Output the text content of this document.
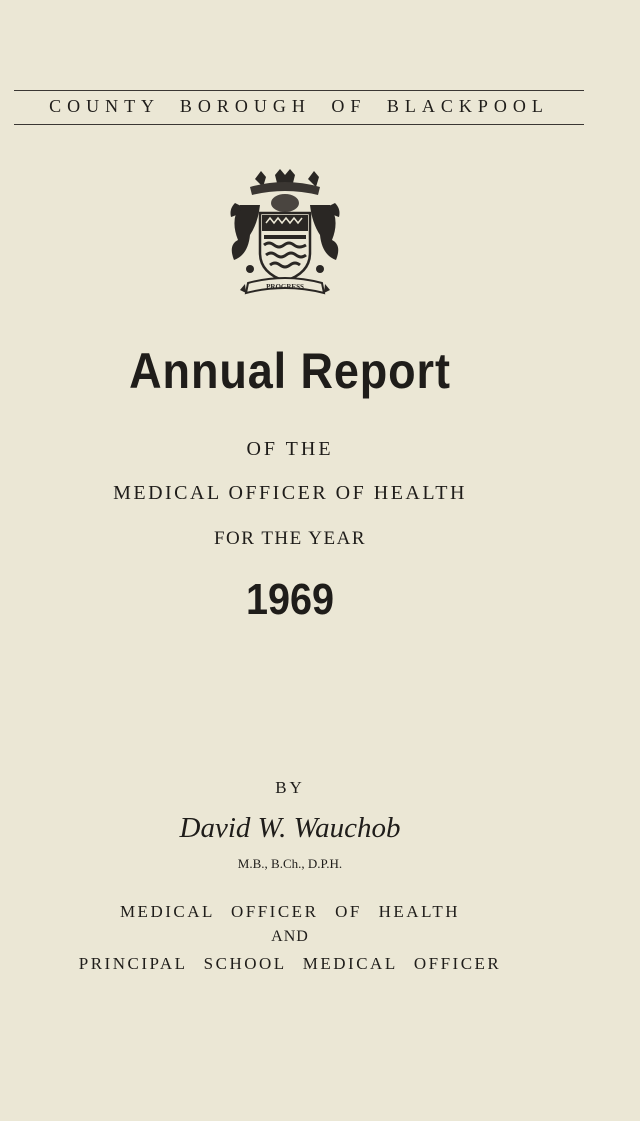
COUNTY BOROUGH OF BLACKPOOL
PROGRESS
Annual Report
OF THE
MEDICAL OFFICER OF HEALTH
FOR THE YEAR
1969
BY
David W. Wauchob
M.B., B.Ch., D.P.H.
MEDICAL OFFICER OF HEALTH
AND
PRINCIPAL SCHOOL MEDICAL OFFICER
